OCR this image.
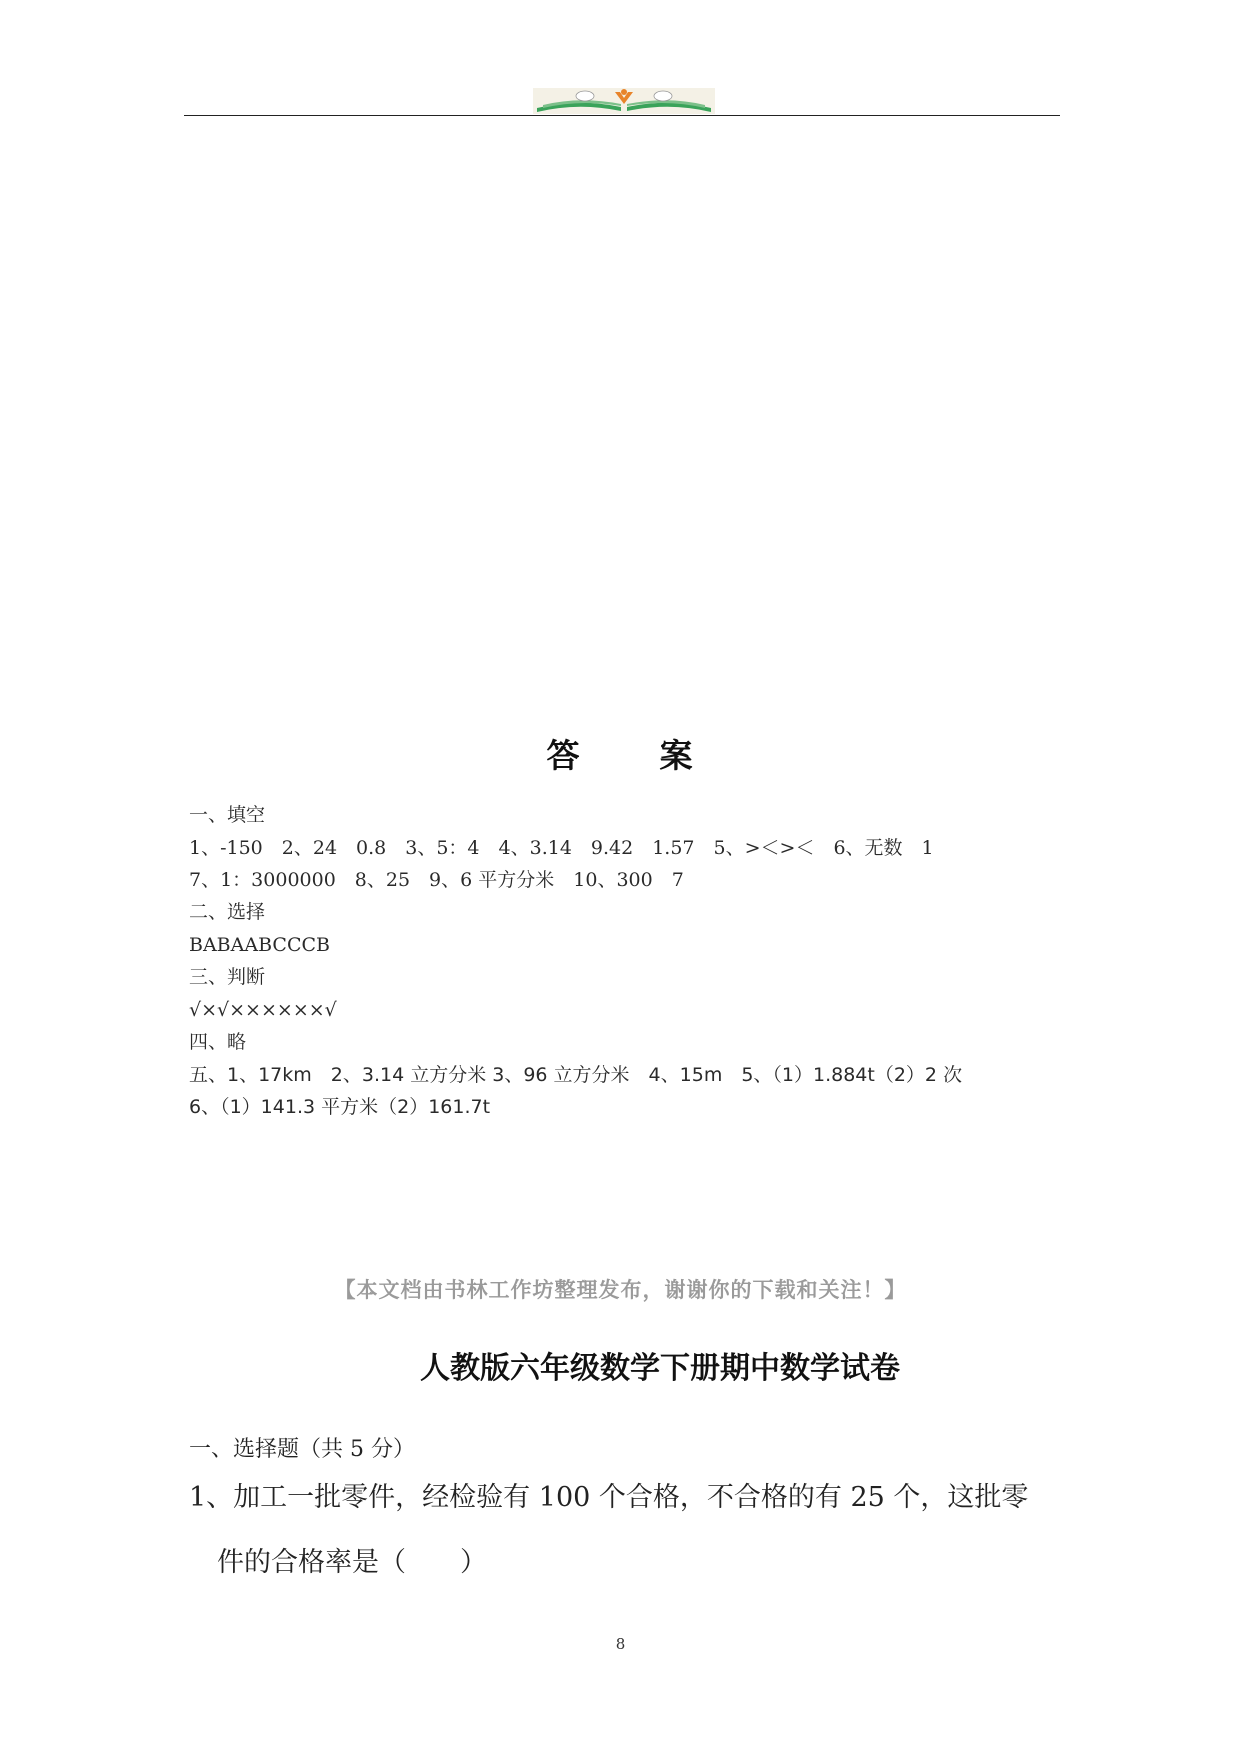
答 案
一、填空
1、-150　2、24　0.8　3、5：4　4、3.14　9.42　1.57　5、>＜>＜　6、无数　1
7、1：3000000　8、25　9、6 平方分米　10、300　7
二、选择
BABAABCCCB
三、判断
√×√××××××√
四、略
五、1、17km　2、3.14 立方分米 3、96 立方分米　4、15m　5、（1）1.884t（2）2 次
6、（1）141.3 平方米（2）161.7t
【本文档由书林工作坊整理发布，谢谢你的下载和关注！】
人教版六年级数学下册期中数学试卷
一、选择题（共 5 分）
1、加工一批零件，经检验有 100 个合格，不合格的有 25 个，这批零
件的合格率是（　　）
8
